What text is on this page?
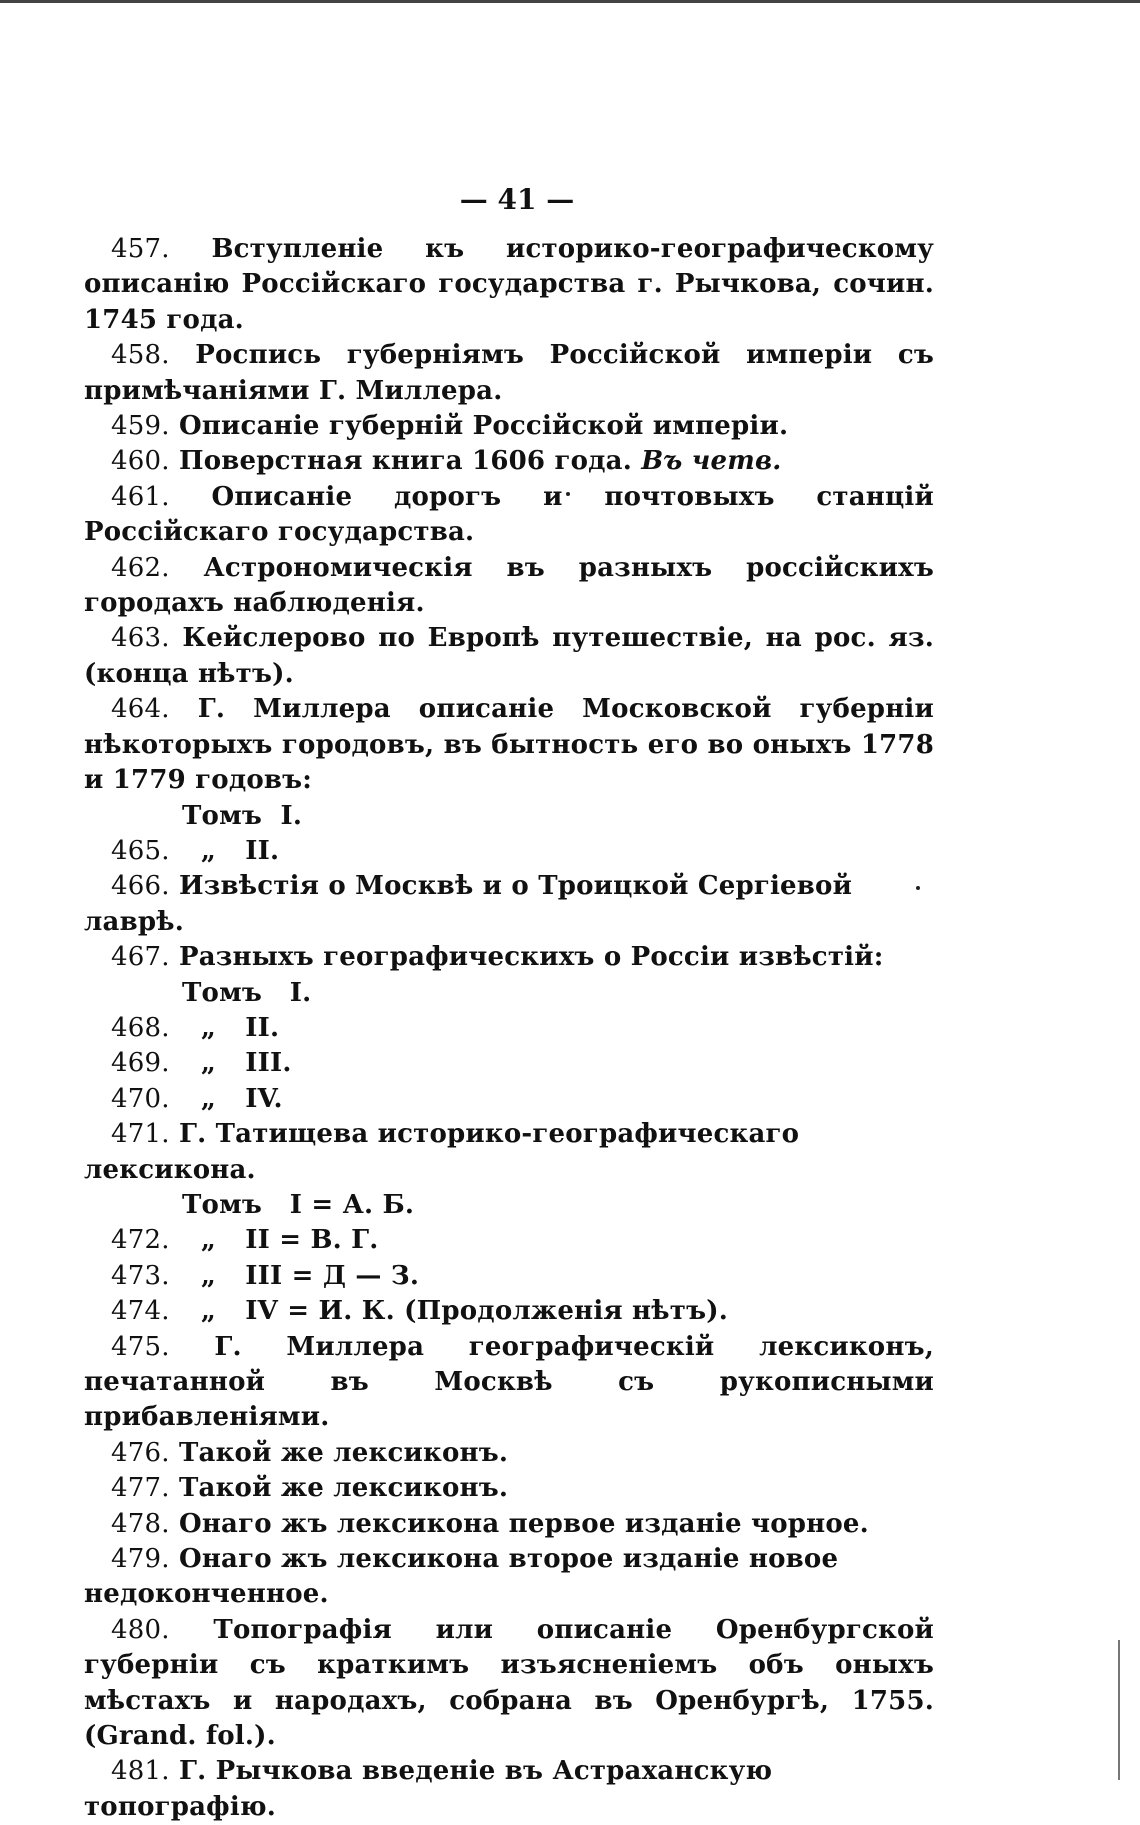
— 41 —
457. Вступленіе къ историко-географическому описанію Россійскаго государства г. Рычкова, сочин. 1745 года.
458. Роспись губерніямъ Россійской имперіи съ примѣчаніями Г. Миллера.
459. Описаніе губерній Россійской имперіи.
460. Поверстная книга 1606 года. Въ четв.
461. Описаніе дорогъ и почтовыхъ станцій Россійскаго государства.
462. Астрономическія въ разныхъ россійскихъ городахъ наблюденія.
463. Кейслерово по Европѣ путешествіе, на рос. яз. (конца нѣтъ).
464. Г. Миллера описаніе Московской губерніи нѣкоторыхъ городовъ, въ бытность его во оныхъ 1778 и 1779 годовъ:
Томъ  I.
465. „ II.
466. Извѣстія о Москвѣ и о Троицкой Сергіевой лаврѣ.
467. Разныхъ географическихъ о Россіи извѣстій:
Томъ   I.
468. „ II.
469. „ III.
470. „ IV.
471. Г. Татищева историко-географическаго лексикона.
Томъ   I = А. Б.
472. „ II = В. Г.
473. „ III = Д — З.
474. „ IV = И. К. (Продолженія нѣтъ).
475. Г. Миллера географическій лексиконъ, печатанной въ Москвѣ съ рукописными прибавленіями.
476. Такой же лексиконъ.
477. Такой же лексиконъ.
478. Онаго жъ лексикона первое изданіе чорное.
479. Онаго жъ лексикона второе изданіе новое недоконченное.
480. Топографія или описаніе Оренбургской губерніи съ краткимъ изъясненіемъ объ оныхъ мѣстахъ и народахъ, собрана въ Оренбургѣ, 1755. (Grand. fol.).
481. Г. Рычкова введеніе въ Астраханскую топографію.
